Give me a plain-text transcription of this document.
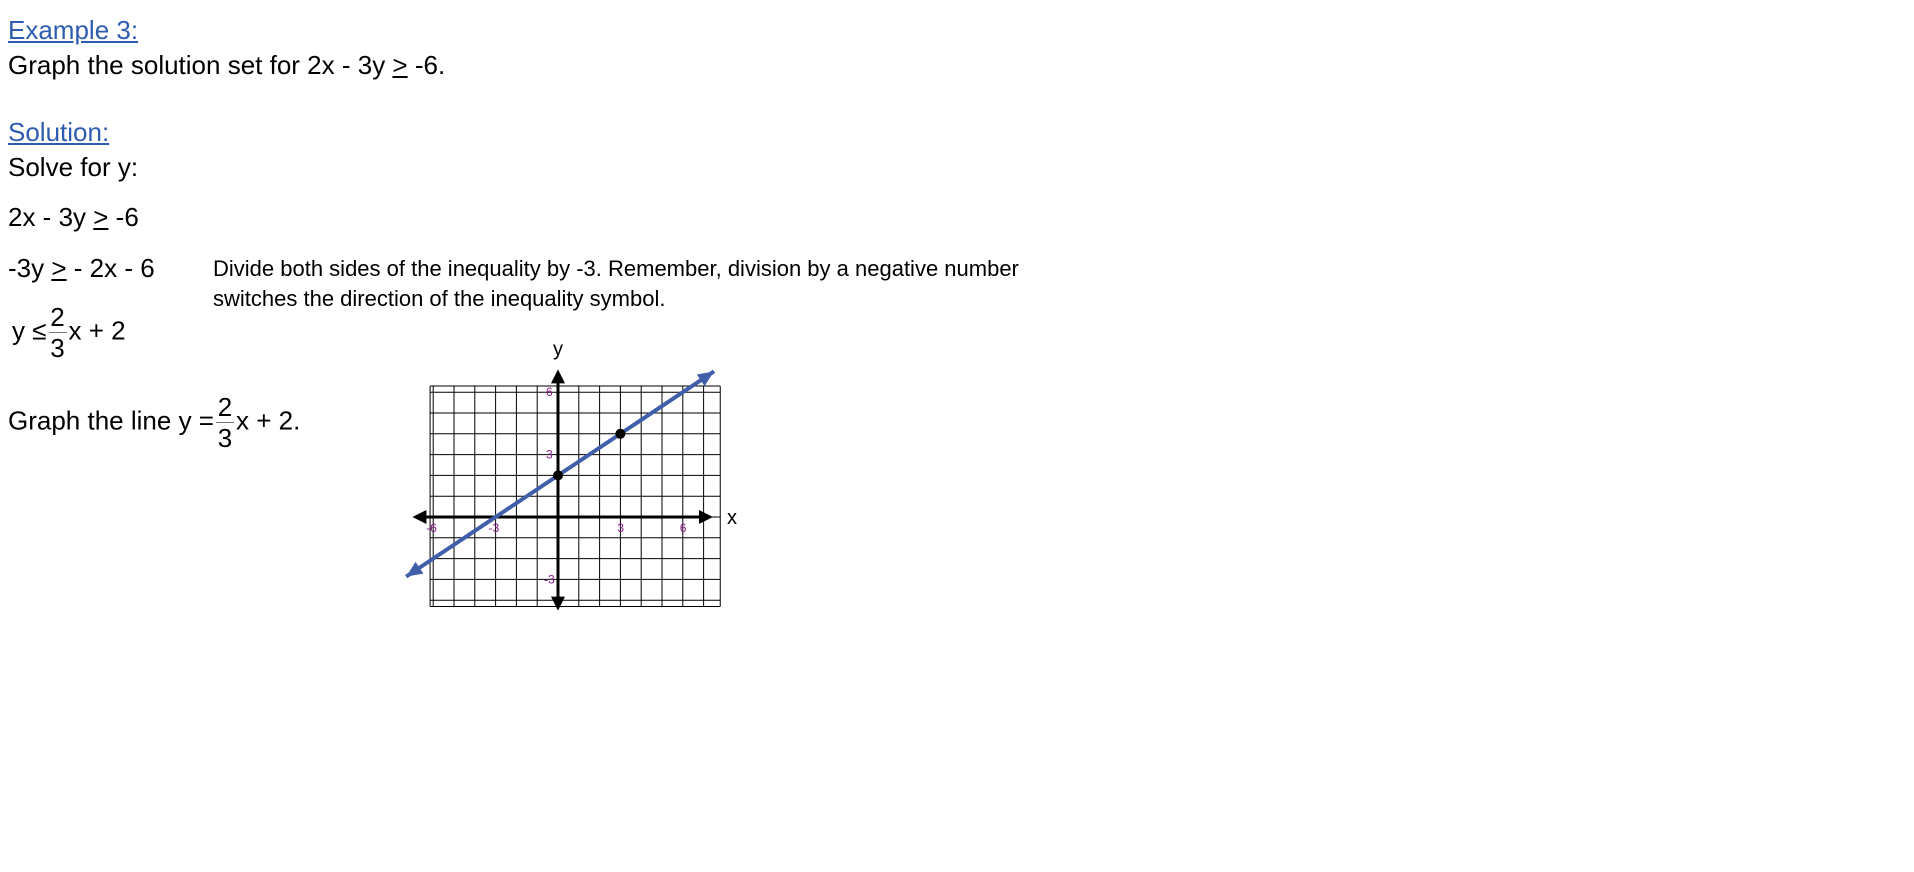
Example 3:
Graph the solution set for 2x - 3y > -6.
Solution:
Solve for y:
2x - 3y > -6
-3y > - 2x - 6	Divide both sides of the inequality by -3. Remember, division by a negative number switches the direction of the inequality symbol.
$y \le \frac{2}{3}$ x + 2
Graph the line $y = \frac{2}{3}$ x + 2.
x
y
-6	-3	3	6
6
3
-3
